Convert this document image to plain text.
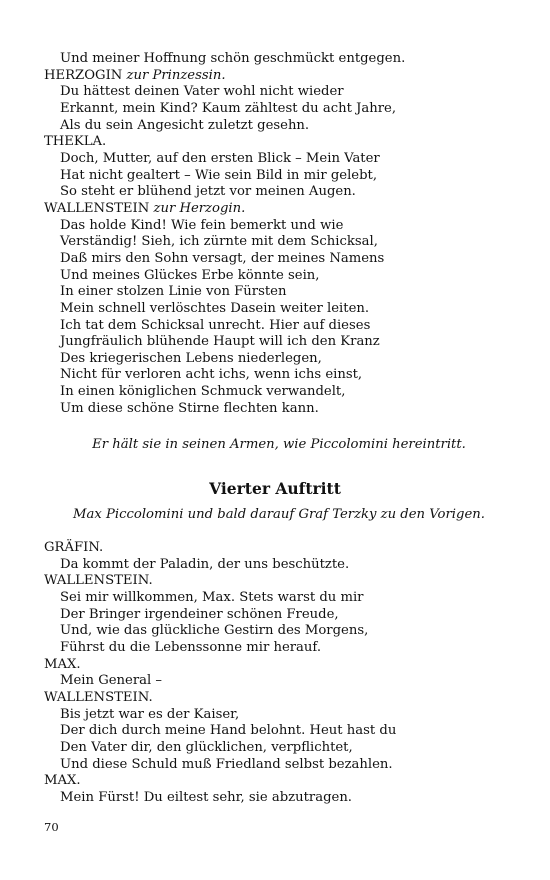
Und meiner Hoffnung schön geschmückt entgegen.
HERZOGIN zur Prinzessin.
Du hättest deinen Vater wohl nicht wieder
Erkannt, mein Kind? Kaum zähltest du acht Jahre,
Als du sein Angesicht zuletzt gesehn.
THEKLA.
Doch, Mutter, auf den ersten Blick – Mein Vater
Hat nicht gealtert – Wie sein Bild in mir gelebt,
So steht er blühend jetzt vor meinen Augen.
WALLENSTEIN zur Herzogin.
Das holde Kind! Wie fein bemerkt und wie
Verständig! Sieh, ich zürnte mit dem Schicksal,
Daß mirs den Sohn versagt, der meines Namens
Und meines Glückes Erbe könnte sein,
In einer stolzen Linie von Fürsten
Mein schnell verlöschtes Dasein weiter leiten.
Ich tat dem Schicksal unrecht. Hier auf dieses
Jungfräulich blühende Haupt will ich den Kranz
Des kriegerischen Lebens niederlegen,
Nicht für verloren acht ichs, wenn ichs einst,
In einen königlichen Schmuck verwandelt,
Um diese schöne Stirne flechten kann.
Er hält sie in seinen Armen, wie Piccolomini hereintritt.
Vierter Auftritt
Max Piccolomini und bald darauf Graf Terzky zu den Vorigen.
GRÄFIN.
Da kommt der Paladin, der uns beschützte.
WALLENSTEIN.
Sei mir willkommen, Max. Stets warst du mir
Der Bringer irgendeiner schönen Freude,
Und, wie das glückliche Gestirn des Morgens,
Führst du die Lebenssonne mir herauf.
MAX.
Mein General –
WALLENSTEIN.
Bis jetzt war es der Kaiser,
Der dich durch meine Hand belohnt. Heut hast du
Den Vater dir, den glücklichen, verpflichtet,
Und diese Schuld muß Friedland selbst bezahlen.
MAX.
Mein Fürst! Du eiltest sehr, sie abzutragen.
70
